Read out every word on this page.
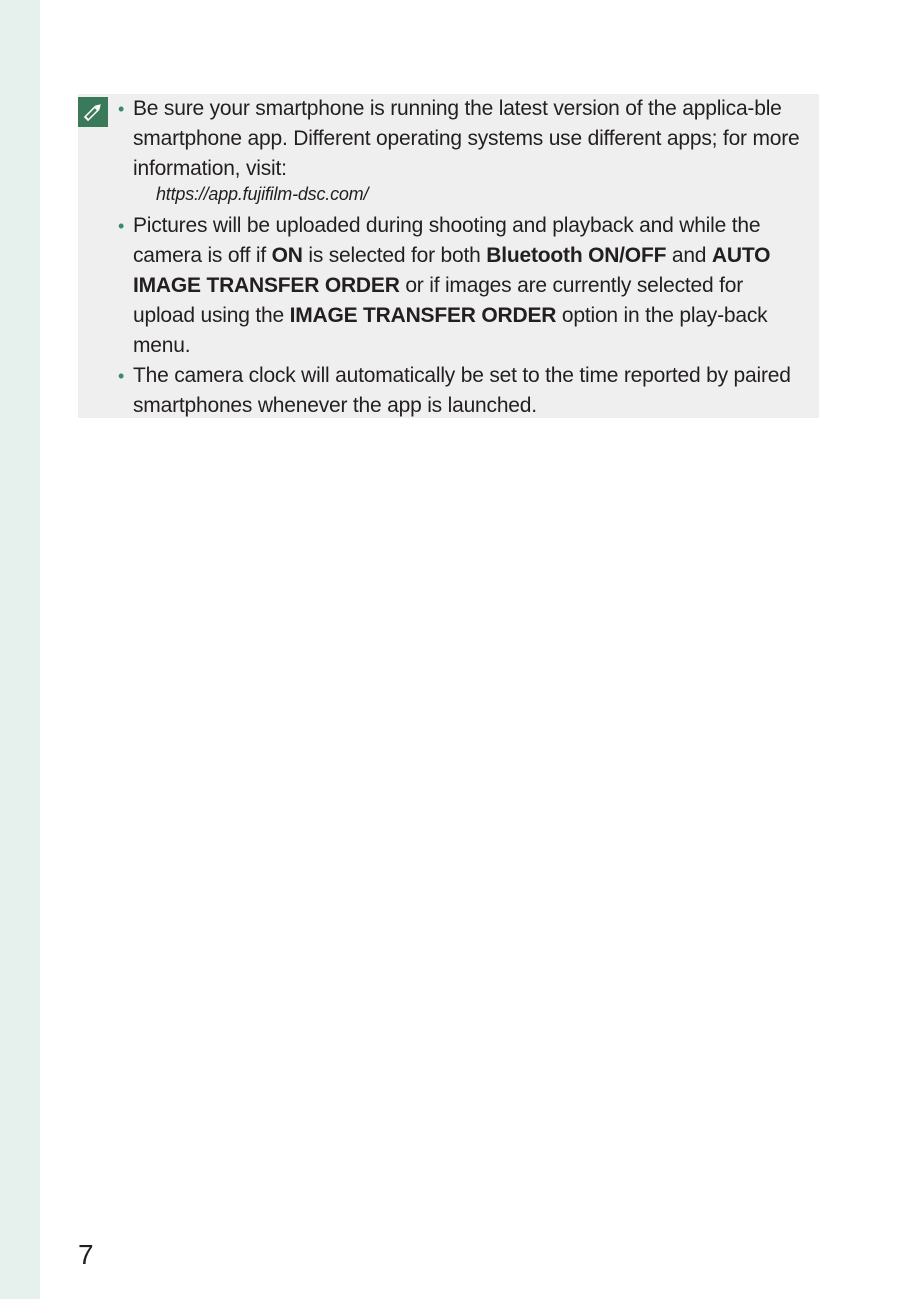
• Be sure your smartphone is running the latest version of the applica-ble smartphone app. Different operating systems use different apps; for more information, visit:
https://app.fujifilm-dsc.com/
• Pictures will be uploaded during shooting and playback and while the camera is off if ON is selected for both Bluetooth ON/OFF and AUTO IMAGE TRANSFER ORDER or if images are currently selected for upload using the IMAGE TRANSFER ORDER option in the play-back menu.
• The camera clock will automatically be set to the time reported by paired smartphones whenever the app is launched.
7
